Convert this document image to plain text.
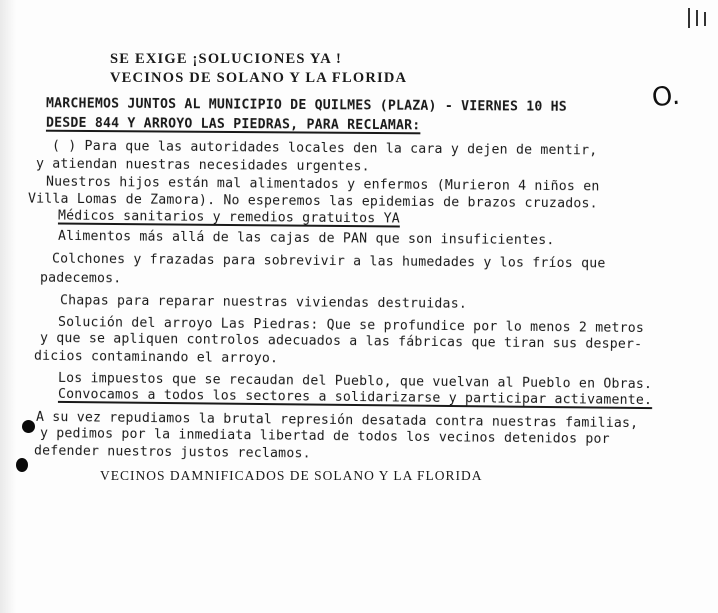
SE EXIGE ¡SOLUCIONES YA !
VECINOS DE SOLANO Y LA FLORIDA
MARCHEMOS JUNTOS AL MUNICIPIO DE QUILMES (PLAZA) - VIERNES 10 HS
DESDE 844 Y ARROYO LAS PIEDRAS, PARA RECLAMAR:
( ) Para que las autoridades locales den la cara y dejen de mentir,
y atiendan nuestras necesidades urgentes.
Nuestros hijos están mal alimentados y enfermos (Murieron 4 niños en
Villa Lomas de Zamora). No esperemos las epidemias de brazos cruzados.
Médicos sanitarios y remedios gratuitos YA
Alimentos más allá de las cajas de PAN que son insuficientes.
Colchones y frazadas para sobrevivir a las humedades y los fríos que
padecemos.
Chapas para reparar nuestras viviendas destruidas.
Solución del arroyo Las Piedras: Que se profundice por lo menos 2 metros
y que se apliquen controlos adecuados a las fábricas que tiran sus desper-
dicios contaminando el arroyo.
Los impuestos que se recaudan del Pueblo, que vuelvan al Pueblo en Obras.
Convocamos a todos los sectores a solidarizarse y participar activamente.
A su vez repudiamos la brutal represión desatada contra nuestras familias,
y pedimos por la inmediata libertad de todos los vecinos detenidos por
defender nuestros justos reclamos.
VECINOS DAMNIFICADOS DE SOLANO Y LA FLORIDA
O.
